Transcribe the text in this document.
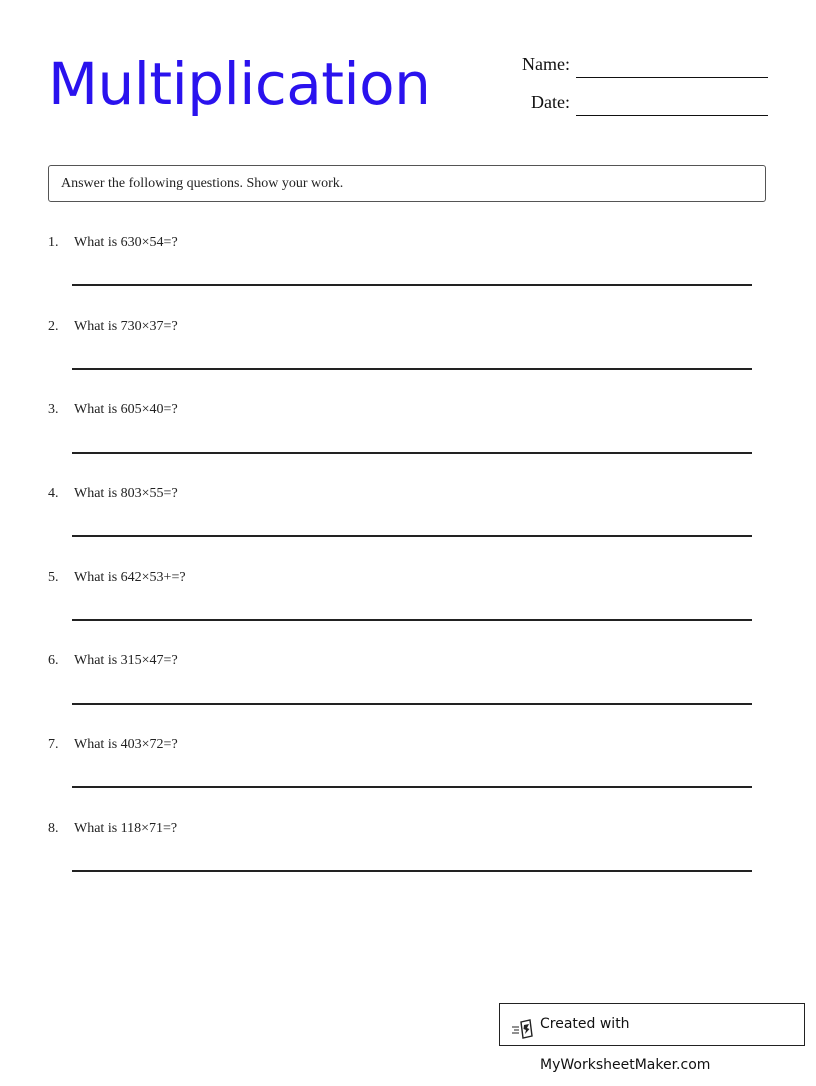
Multiplication	Name:
Date:
Answer the following questions. Show your work.
1. What is 630×54=?
2. What is 730×37=?
3. What is 605×40=?
4. What is 803×55=?
5. What is 642×53+=?
6. What is 315×47=?
7. What is 403×72=?
8. What is 118×71=?
Created with MyWorksheetMaker.com
